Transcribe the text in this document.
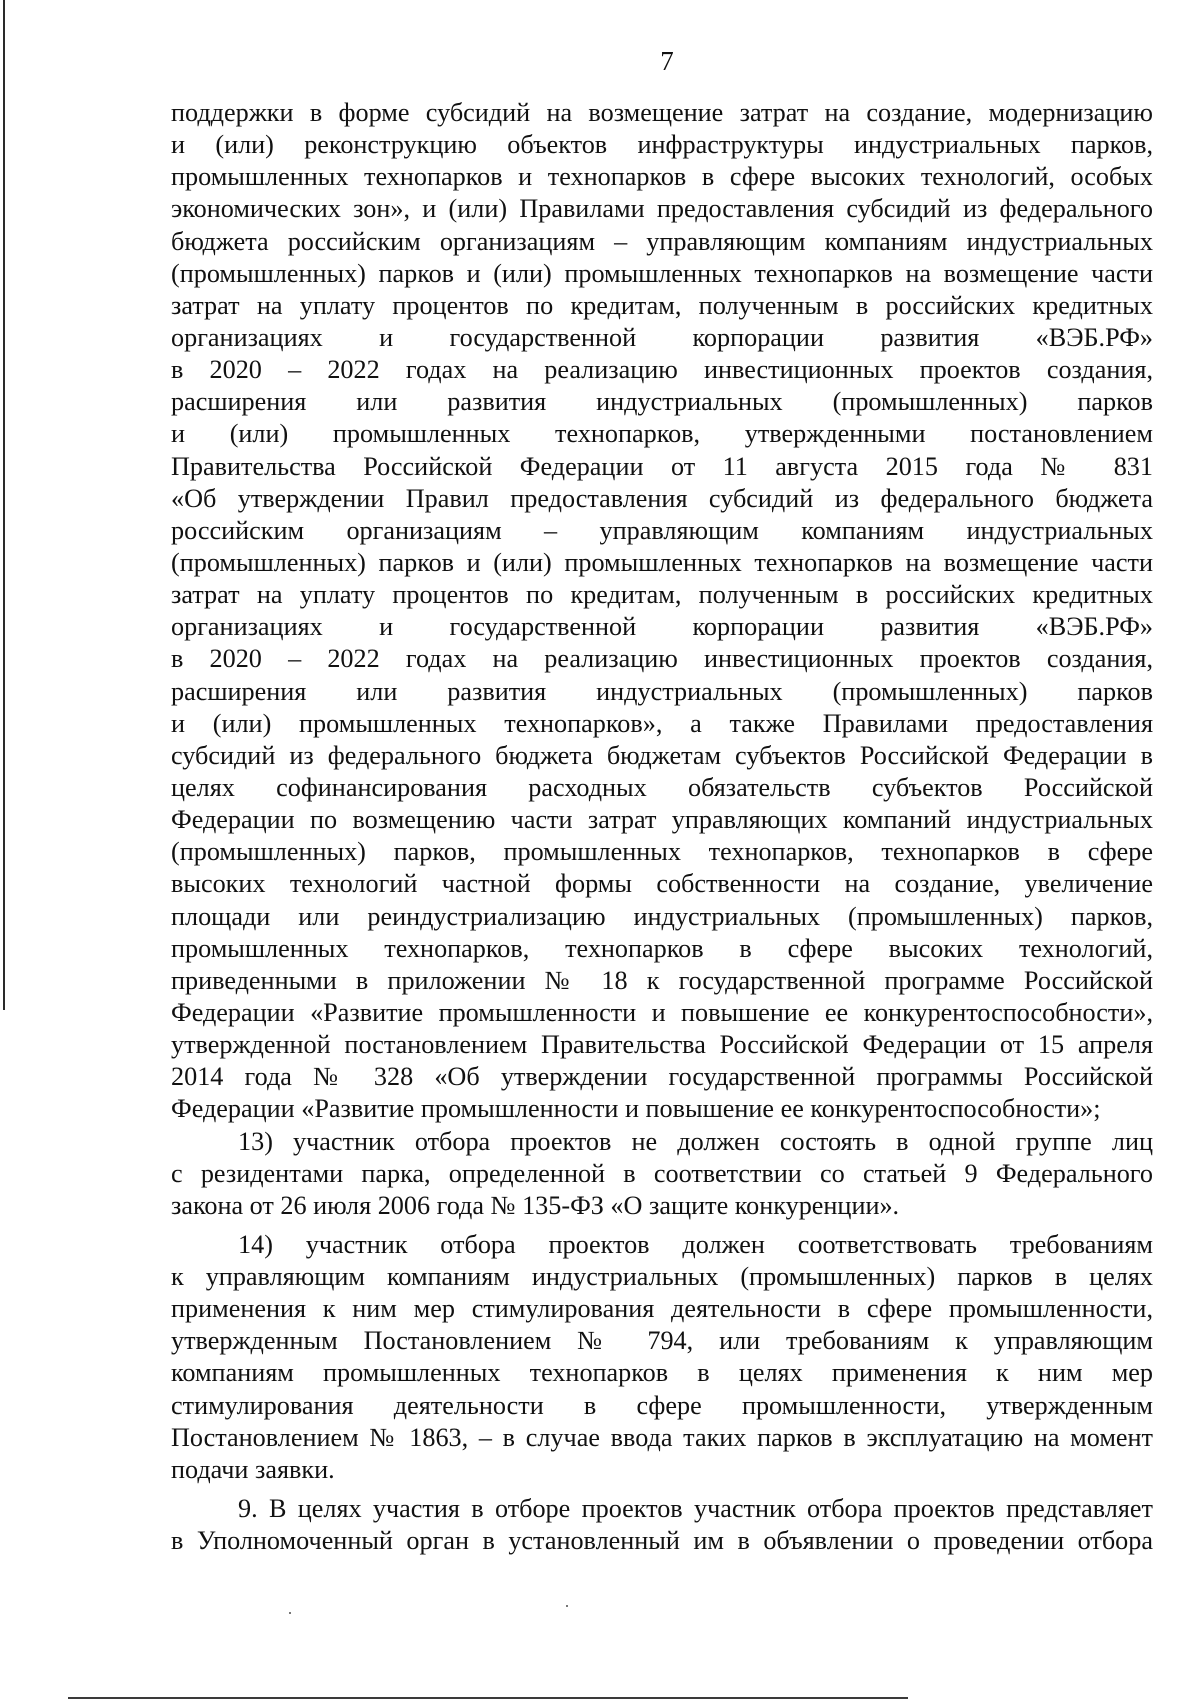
7
поддержки в форме субсидий на возмещение затрат на создание, модернизацию
и (или) реконструкцию объектов инфраструктуры индустриальных парков,
промышленных технопарков и технопарков в сфере высоких технологий, особых
экономических зон», и (или) Правилами предоставления субсидий из федерального
бюджета российским организациям – управляющим компаниям индустриальных
(промышленных) парков и (или) промышленных технопарков на возмещение части
затрат на уплату процентов по кредитам, полученным в российских кредитных
организациях и государственной корпорации развития «ВЭБ.РФ»
в 2020 – 2022 годах на реализацию инвестиционных проектов создания,
расширения или развития индустриальных (промышленных) парков
и (или) промышленных технопарков, утвержденными постановлением
Правительства Российской Федерации от 11 августа 2015 года № 831
«Об утверждении Правил предоставления субсидий из федерального бюджета
российским организациям – управляющим компаниям индустриальных
(промышленных) парков и (или) промышленных технопарков на возмещение части
затрат на уплату процентов по кредитам, полученным в российских кредитных
организациях и государственной корпорации развития «ВЭБ.РФ»
в 2020 – 2022 годах на реализацию инвестиционных проектов создания,
расширения или развития индустриальных (промышленных) парков
и (или) промышленных технопарков», а также Правилами предоставления
субсидий из федерального бюджета бюджетам субъектов Российской Федерации в
целях софинансирования расходных обязательств субъектов Российской
Федерации по возмещению части затрат управляющих компаний индустриальных
(промышленных) парков, промышленных технопарков, технопарков в сфере
высоких технологий частной формы собственности на создание, увеличение
площади или реиндустриализацию индустриальных (промышленных) парков,
промышленных технопарков, технопарков в сфере высоких технологий,
приведенными в приложении № 18 к государственной программе Российской
Федерации «Развитие промышленности и повышение ее конкурентоспособности»,
утвержденной постановлением Правительства Российской Федерации от 15 апреля
2014 года № 328 «Об утверждении государственной программы Российской
Федерации «Развитие промышленности и повышение ее конкурентоспособности»;
13) участник отбора проектов не должен состоять в одной группе лиц
с резидентами парка, определенной в соответствии со статьей 9 Федерального
закона от 26 июля 2006 года № 135-ФЗ «О защите конкуренции».
14) участник отбора проектов должен соответствовать требованиям
к управляющим компаниям индустриальных (промышленных) парков в целях
применения к ним мер стимулирования деятельности в сфере промышленности,
утвержденным Постановлением № 794, или требованиям к управляющим
компаниям промышленных технопарков в целях применения к ним мер
стимулирования деятельности в сфере промышленности, утвержденным
Постановлением № 1863, – в случае ввода таких парков в эксплуатацию на момент
подачи заявки.
9. В целях участия в отборе проектов участник отбора проектов представляет
в Уполномоченный орган в установленный им в объявлении о проведении отбора
